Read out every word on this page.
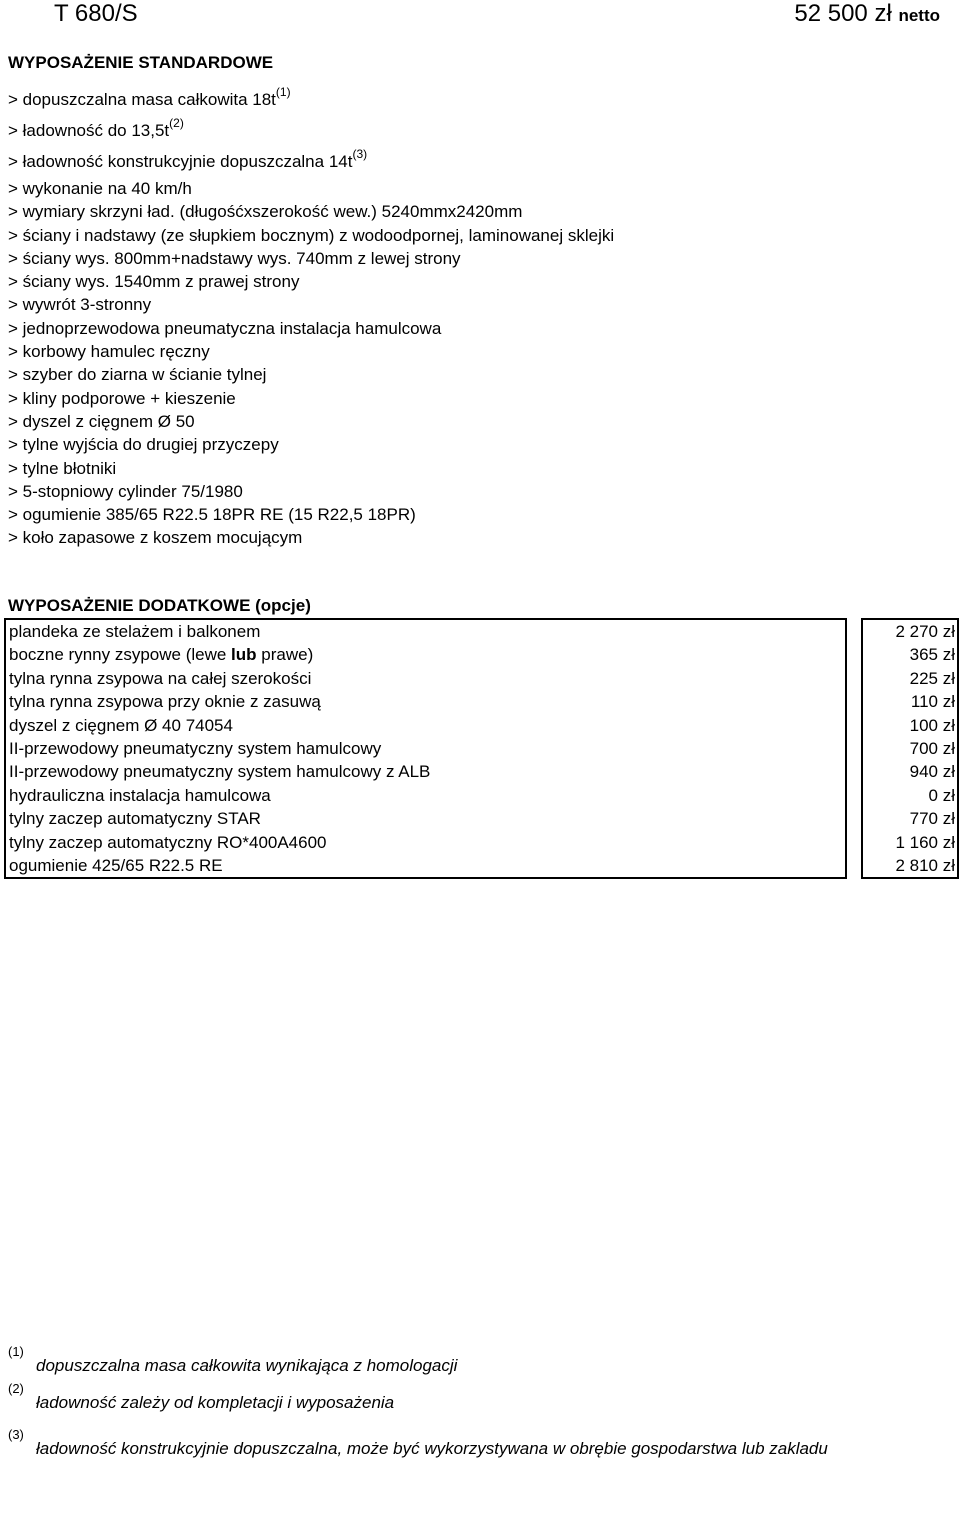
T 680/S	52 500 zł netto
WYPOSAŻENIE STANDARDOWE
> dopuszczalna masa całkowita $18t^{(1)}$
> ładowność do $13,5t^{(2)}$
> ładowność konstrukcyjnie dopuszczalna $14t^{(3)}$
> wykonanie na 40 km/h
> wymiary skrzyni ład. (długośćxszerokość wew.) 5240mmx2420mm
> ściany i nadstawy (ze słupkiem bocznym) z wodoodpornej, laminowanej sklejki
> ściany wys. 800mm+nadstawy wys. 740mm z lewej strony
> ściany wys. 1540mm z prawej strony
> wywrót 3-stronny
> jednoprzewodowa pneumatyczna instalacja hamulcowa
> korbowy hamulec ręczny
> szyber do ziarna w ścianie tylnej
> kliny podporowe + kieszenie
> dyszel z cięgnem Ø 50
> tylne wyjścia do drugiej przyczepy
> tylne błotniki
> 5-stopniowy cylinder 75/1980
> ogumienie 385/65 R22.5 18PR RE (15 R22,5 18PR)
> koło zapasowe z koszem mocującym
WYPOSAŻENIE DODATKOWE (opcje)
plandeka ze stelażem i balkonem		2 270 zł
boczne rynny zsypowe (lewe lub prawe)		365 zł
tylna rynna zsypowa na całej szerokości		225 zł
tylna rynna zsypowa przy oknie z zasuwą		110 zł
dyszel z cięgnem Ø 40 74054		100 zł
II-przewodowy pneumatyczny system hamulcowy		700 zł
II-przewodowy pneumatyczny system hamulcowy z ALB		940 zł
hydrauliczna instalacja hamulcowa		0 zł
tylny zaczep automatyczny STAR		770 zł
tylny zaczep automatyczny RO*400A4600		1 160 zł
ogumienie 425/65 R22.5 RE		2 810 zł
(1)
dopuszczalna masa całkowita wynikająca z homologacji
(2)
ładowność zależy od kompletacji i wyposażenia
(3)
ładowność konstrukcyjnie dopuszczalna, może być wykorzystywana w obrębie gospodarstwa lub zakladu
